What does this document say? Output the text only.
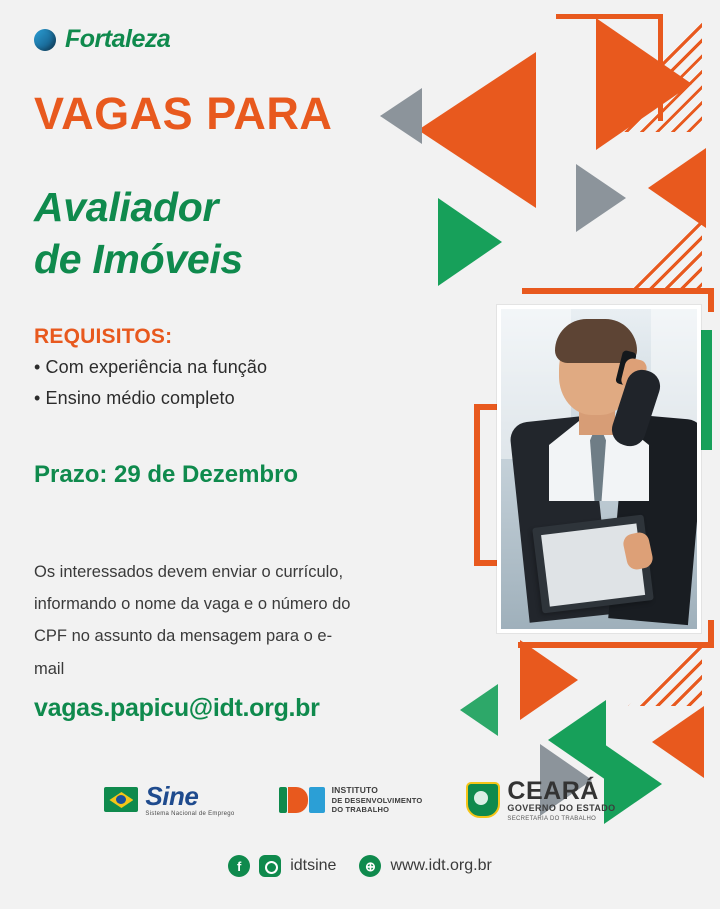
Fortaleza
VAGAS PARA
Avaliador
de Imóveis
REQUISITOS:
• Com experiência na função
• Ensino médio completo
Prazo: 29 de Dezembro
Os interessados devem enviar o currículo, informando o nome da vaga e o número do CPF no assunto da mensagem para o e-mail
vagas.papicu@idt.org.br
Sine
Sistema Nacional de Emprego
INSTITUTO
DE DESENVOLVIMENTO
DO TRABALHO
CEARÁ
GOVERNO DO ESTADO
SECRETARIA DO TRABALHO
f	idtsine	⊕ www.idt.org.br
